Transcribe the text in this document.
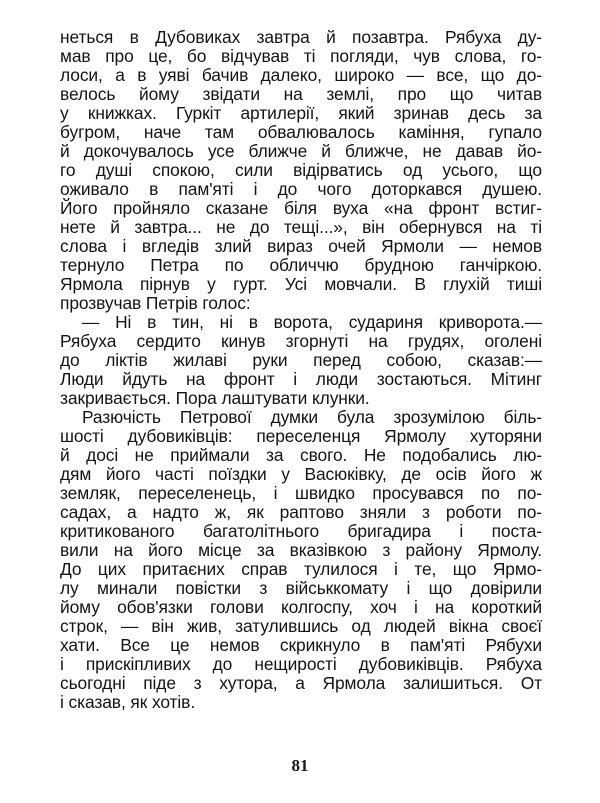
неться в Дубовиках завтра й позавтра. Рябуха ду-
мав про це, бо відчував ті погляди, чув слова, го-
лоси, а в уяві бачив далеко, широко — все, що до-
велось йому звідати на землі, про що читав
у книжках. Гуркіт артилерії, який зринав десь за
бугром, наче там обвалювалось каміння, гупало
й докочувалось усе ближче й ближче, не давав йо-
го душі спокою, сили відірватись од усього, що
оживало в пам'яті і до чого доторкався душею.
Його пройняло сказане біля вуха «на фронт встиг-
нете й завтра... не до тещі...», він обернувся на ті
слова і вгледів злий вираз очей Ярмоли — немов
тернуло Петра по обличчю брудною ганчіркою.
Ярмола пірнув у гурт. Усі мовчали. В глухій тиші
прозвучав Петрів голос:
— Ні в тин, ні в ворота, судариня криворота.—
Рябуха сердито кинув згорнуті на грудях, оголені
до ліктів жилаві руки перед собою, сказав:—
Люди йдуть на фронт і люди зостаються. Мітинг
закривається. Пора лаштувати клунки.
Разючість Петрової думки була зрозумілою біль-
шості дубовиківців: переселенця Ярмолу хуторяни
й досі не приймали за свого. Не подобались лю-
дям його часті поїздки у Васюківку, де осів його ж
земляк, переселенець, і швидко просувався по по-
садах, а надто ж, як раптово зняли з роботи по-
критикованого багатолітнього бригадира і поста-
вили на його місце за вказівкою з району Ярмолу.
До цих притаєних справ тулилося і те, що Ярмо-
лу минали повістки з військкомату і що довірили
йому обов'язки голови колгоспу, хоч і на короткий
строк, — він жив, затулившись од людей вікна своєї
хати. Все це немов скрикнуло в пам'яті Рябухи
і прискіпливих до нещирості дубовиківців. Рябуха
сьогодні піде з хутора, а Ярмола залишиться. От
і сказав, як хотів.
81
